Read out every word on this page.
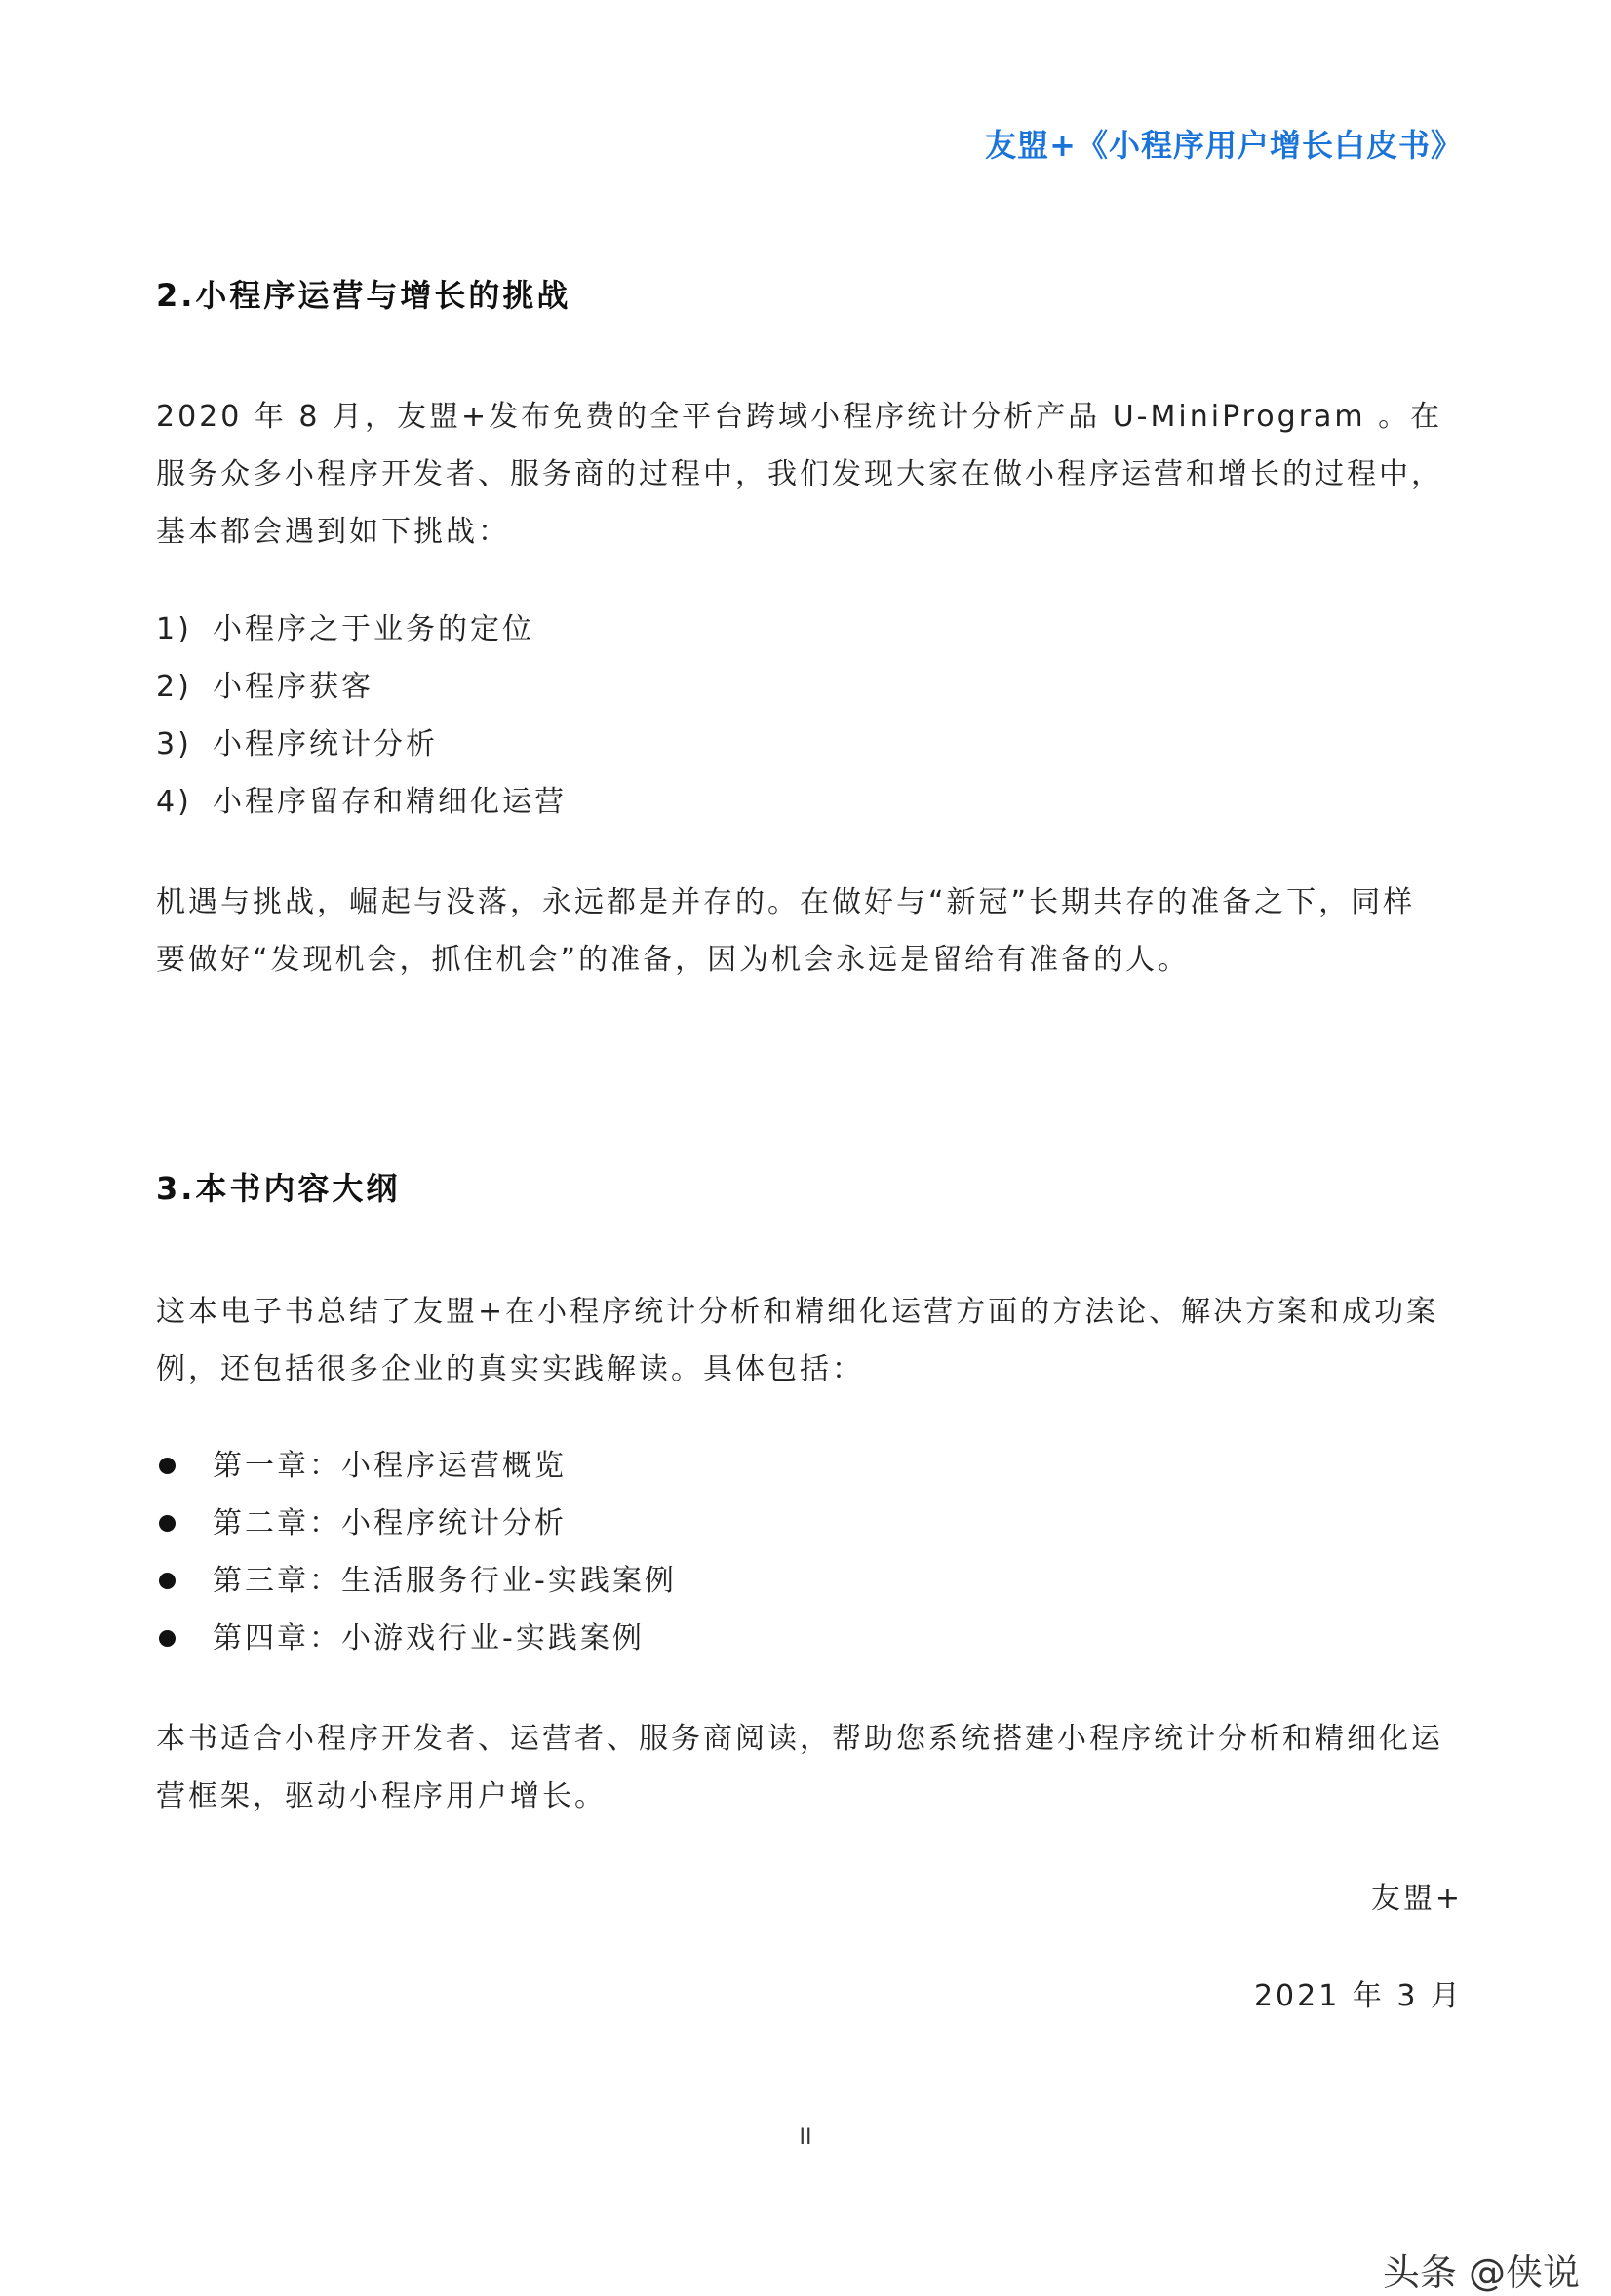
友盟+《小程序用户增长白皮书》
2.小程序运营与增长的挑战

2020 年 8 月，友盟+发布免费的全平台跨域小程序统计分析产品 U-MiniProgram 。在
服务众多小程序开发者、服务商的过程中，我们发现大家在做小程序运营和增长的过程中，
基本都会遇到如下挑战：

1) 小程序之于业务的定位
2) 小程序获客
3) 小程序统计分析
4) 小程序留存和精细化运营

机遇与挑战，崛起与没落，永远都是并存的。在做好与“新冠”长期共存的准备之下，同样
要做好“发现机会，抓住机会”的准备，因为机会永远是留给有准备的人。

3.本书内容大纲

这本电子书总结了友盟+在小程序统计分析和精细化运营方面的方法论、解决方案和成功案
例，还包括很多企业的真实实践解读。具体包括：

第一章：小程序运营概览
第二章：小程序统计分析
第三章：生活服务行业-实践案例
第四章：小游戏行业-实践案例

本书适合小程序开发者、运营者、服务商阅读，帮助您系统搭建小程序统计分析和精细化运
营框架，驱动小程序用户增长。

友盟+
2021 年 3 月
II
头条 @侠说
